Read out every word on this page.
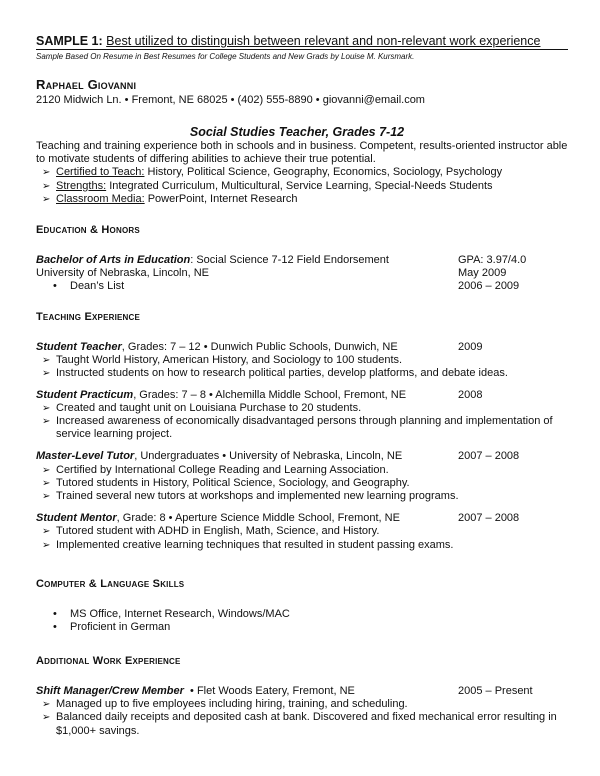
SAMPLE 1: Best utilized to distinguish between relevant and non-relevant work experience
Sample Based On Resume in Best Resumes for College Students and New Grads by Louise M. Kursmark.
Raphael Giovanni
2120 Midwich Ln. • Fremont, NE 68025 • (402) 555-8890 • giovanni@email.com
Social Studies Teacher, Grades 7-12
Teaching and training experience both in schools and in business. Competent, results-oriented instructor able
to motivate students of differing abilities to achieve their true potential.
➢ Certified to Teach: History, Political Science, Geography, Economics, Sociology, Psychology
➢ Strengths: Integrated Curriculum, Multicultural, Service Learning, Special-Needs Students
➢ Classroom Media: PowerPoint, Internet Research
Education & Honors
Bachelor of Arts in Education: Social Science 7-12 Field Endorsement	GPA: 3.97/4.0
University of Nebraska, Lincoln, NE	May 2009
• Dean’s List	2006 – 2009
Teaching Experience
Student Teacher, Grades: 7 – 12 • Dunwich Public Schools, Dunwich, NE	2009
➢ Taught World History, American History, and Sociology to 100 students.
➢ Instructed students on how to research political parties, develop platforms, and debate ideas.
Student Practicum, Grades: 7 – 8 • Alchemilla Middle School, Fremont, NE	2008
➢ Created and taught unit on Louisiana Purchase to 20 students.
➢ Increased awareness of economically disadvantaged persons through planning and implementation of
service learning project.
Master-Level Tutor, Undergraduates • University of Nebraska, Lincoln, NE	2007 – 2008
➢ Certified by International College Reading and Learning Association.
➢ Tutored students in History, Political Science, Sociology, and Geography.
➢ Trained several new tutors at workshops and implemented new learning programs.
Student Mentor, Grade: 8 • Aperture Science Middle School, Fremont, NE	2007 – 2008
➢ Tutored student with ADHD in English, Math, Science, and History.
➢ Implemented creative learning techniques that resulted in student passing exams.
Computer & Language Skills
• MS Office, Internet Research, Windows/MAC
• Proficient in German
Additional Work Experience
Shift Manager/Crew Member  • Flet Woods Eatery, Fremont, NE	2005 – Present
➢ Managed up to five employees including hiring, training, and scheduling.
➢ Balanced daily receipts and deposited cash at bank. Discovered and fixed mechanical error resulting in
$1,000+ savings.
